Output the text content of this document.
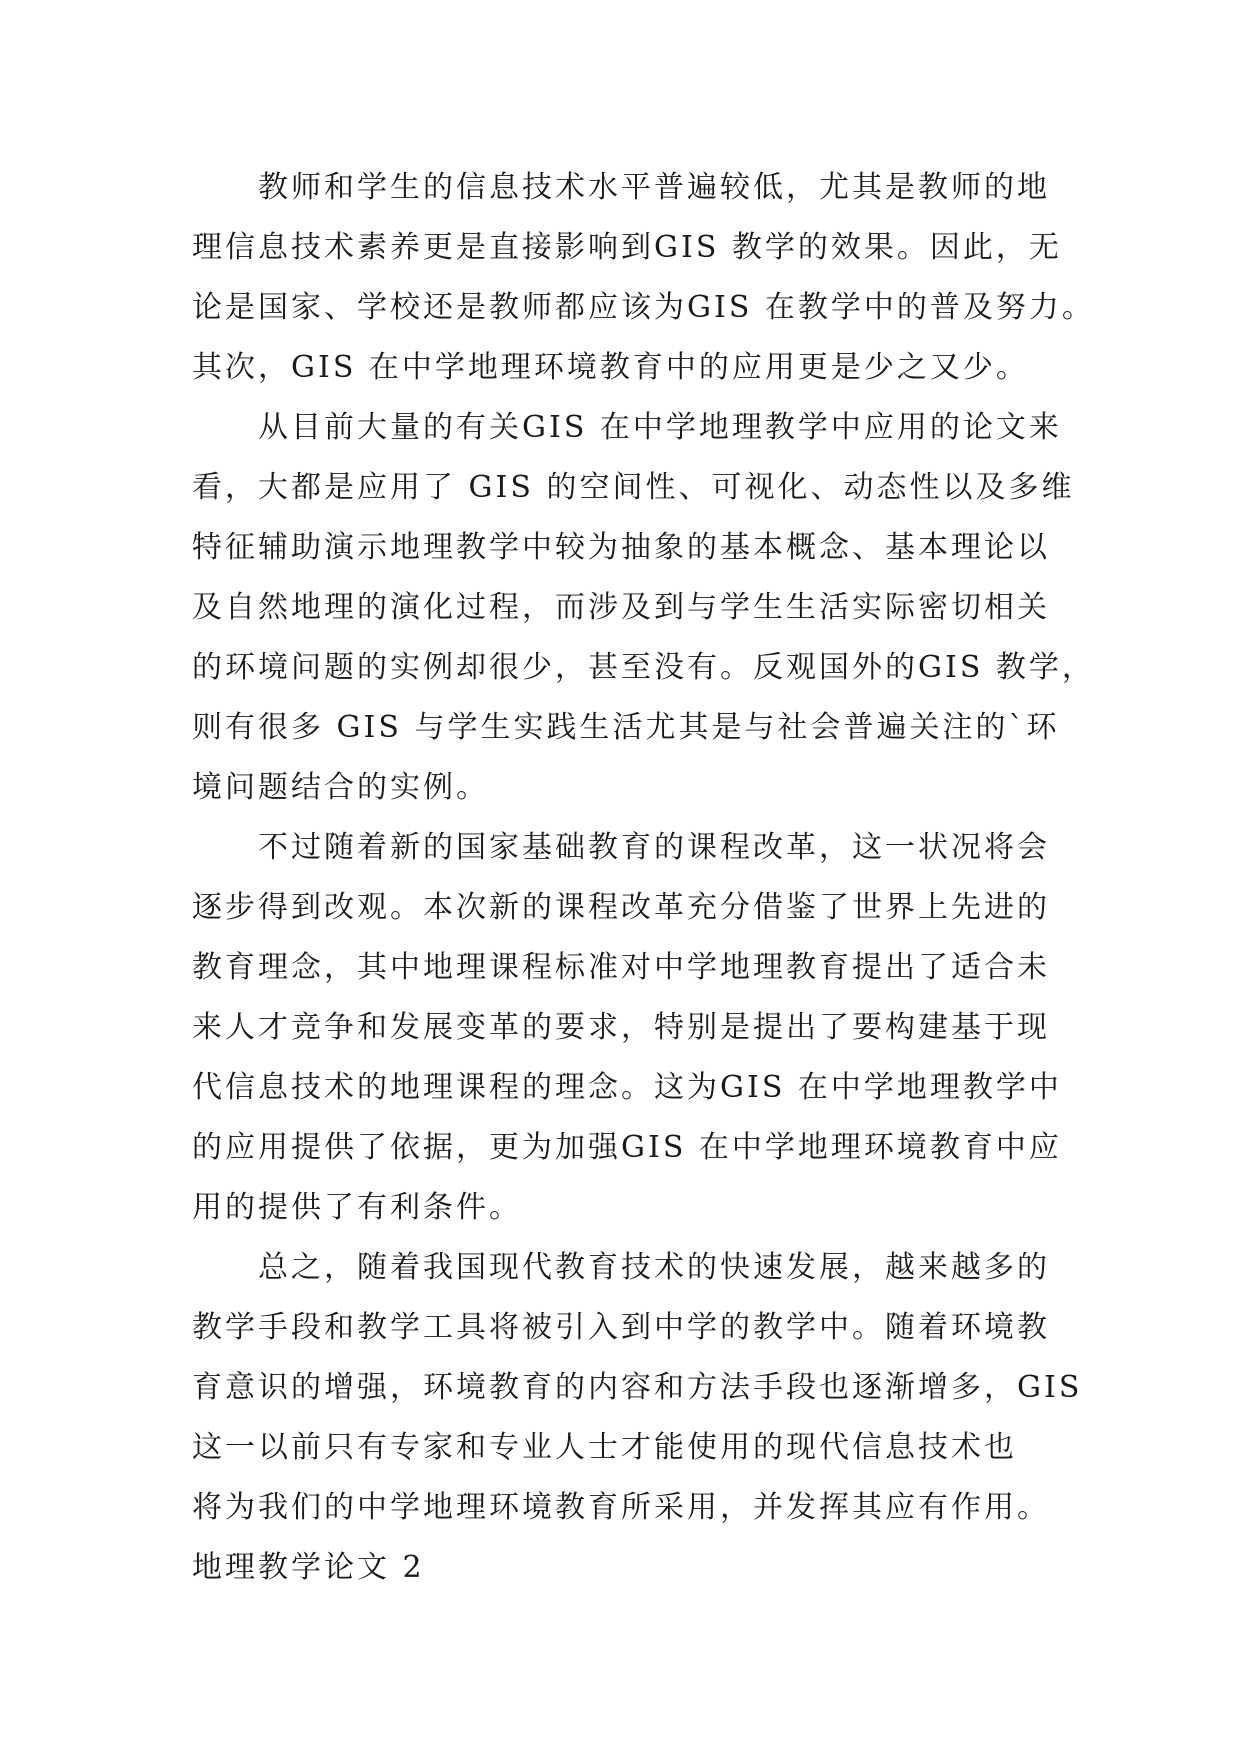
教师和学生的信息技术水平普遍较低，尤其是教师的地
理信息技术素养更是直接影响到GIS 教学的效果。因此，无
论是国家、学校还是教师都应该为GIS 在教学中的普及努力。
其次，GIS 在中学地理环境教育中的应用更是少之又少。
从目前大量的有关GIS 在中学地理教学中应用的论文来
看，大都是应用了 GIS 的空间性、可视化、动态性以及多维
特征辅助演示地理教学中较为抽象的基本概念、基本理论以
及自然地理的演化过程，而涉及到与学生生活实际密切相关
的环境问题的实例却很少，甚至没有。反观国外的GIS 教学，
则有很多 GIS 与学生实践生活尤其是与社会普遍关注的`环
境问题结合的实例。
不过随着新的国家基础教育的课程改革，这一状况将会
逐步得到改观。本次新的课程改革充分借鉴了世界上先进的
教育理念，其中地理课程标准对中学地理教育提出了适合未
来人才竞争和发展变革的要求，特别是提出了要构建基于现
代信息技术的地理课程的理念。这为GIS 在中学地理教学中
的应用提供了依据，更为加强GIS 在中学地理环境教育中应
用的提供了有利条件。
总之，随着我国现代教育技术的快速发展，越来越多的
教学手段和教学工具将被引入到中学的教学中。随着环境教
育意识的增强，环境教育的内容和方法手段也逐渐增多，GIS
这一以前只有专家和专业人士才能使用的现代信息技术也
将为我们的中学地理环境教育所采用，并发挥其应有作用。
地理教学论文 2
